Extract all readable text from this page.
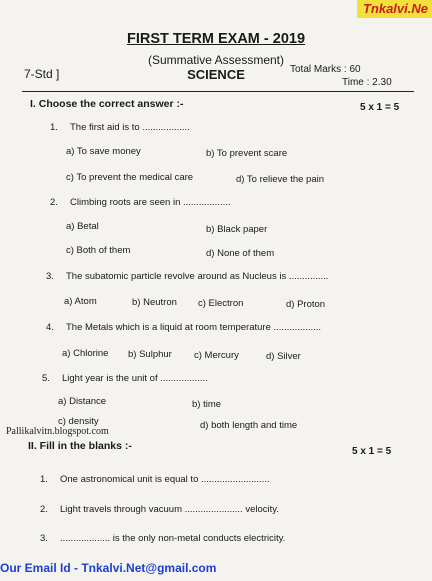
Tnkalvi.Ne
FIRST TERM EXAM - 2019
(Summative Assessment)
7-Std ]	SCIENCE	Total Marks : 60
Time : 2.30
I. Choose the correct answer :-	5 x 1 = 5
1. The first aid is to ..................
a) To save money	b) To prevent scare
c) To prevent the medical care	d) To relieve the pain
2. Climbing roots are seen in ..................
a) Betal	b) Black paper
c) Both of them	d) None of them
3. The subatomic particle revolve around as Nucleus is ...............
a) Atom	b) Neutron c) Electron	d) Proton
4. The Metals which is a liquid at room temperature ..................
a) Chlorine b) Sulphur c) Mercury	d) Silver
5. Light year is the unit of ..................
a) Distance	b) time
c) density	d) both length and time
Pallikalvitn.blogspot.com
II. Fill in the blanks :-	5 x 1 = 5
1. One astronomical unit is equal to ..........................
2. Light travels through vacuum ...................... velocity.
3. ................... is the only non-metal conducts electricity.
Our Email Id - Tnkalvi.Net@gmail.com
